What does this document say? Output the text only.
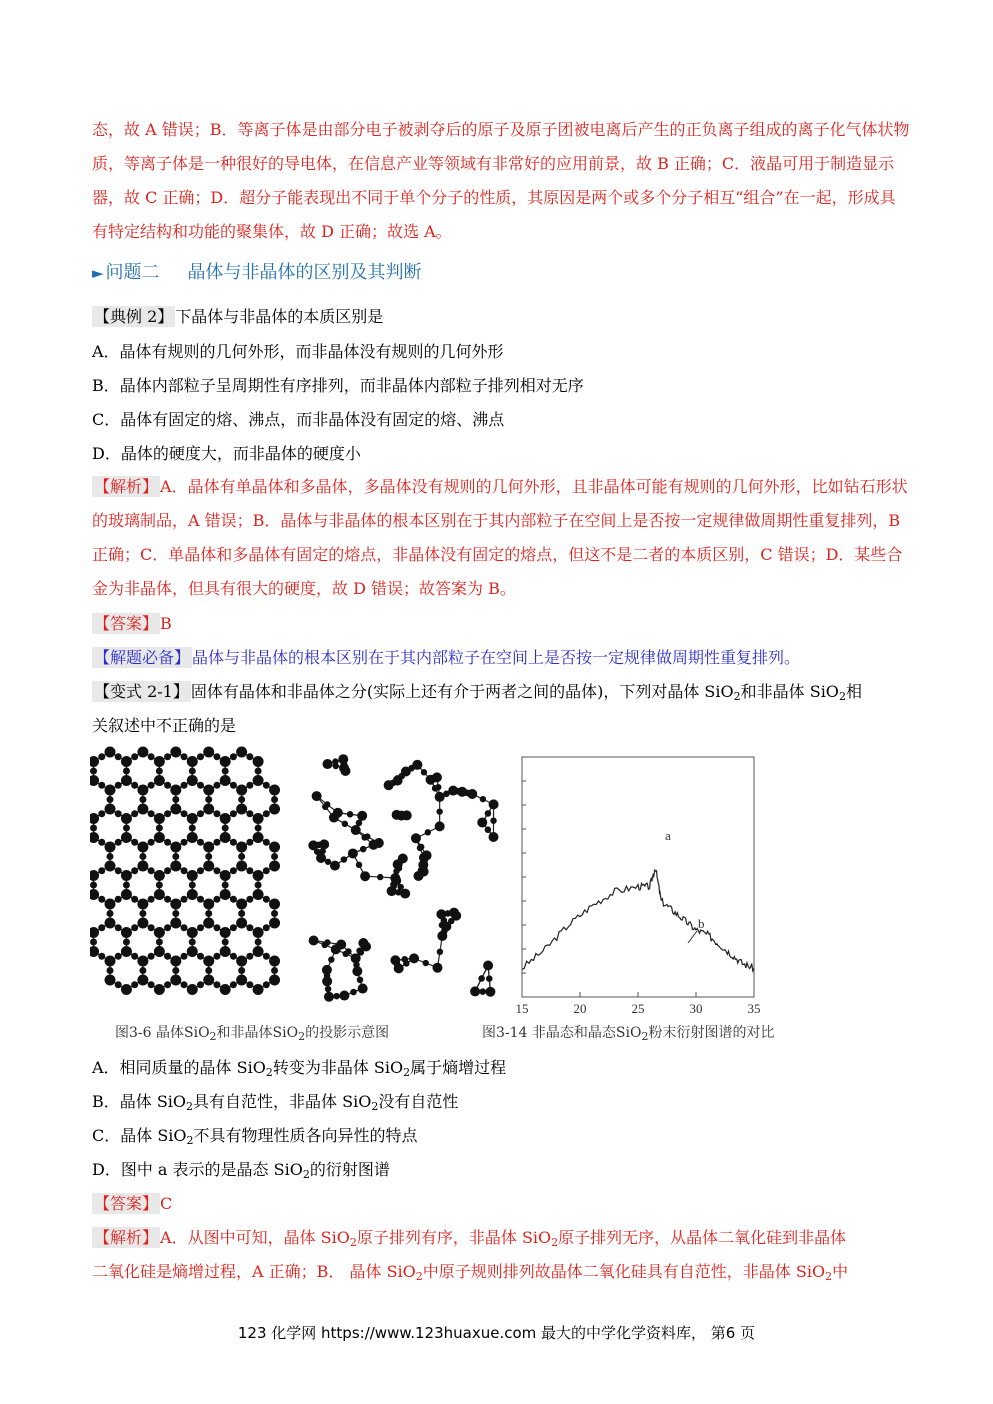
态，故 A 错误；B．等离子体是由部分电子被剥夺后的原子及原子团被电离后产生的正负离子组成的离子化气体状物质，等离子体是一种很好的导电体，在信息产业等领域有非常好的应用前景，故 B 正确；C．液晶可用于制造显示器，故 C 正确；D．超分子能表现出不同于单个分子的性质，其原因是两个或多个分子相互“组合”在一起，形成具有特定结构和功能的聚集体，故 D 正确；故选 A。

► 问题二 晶体与非晶体的区别及其判断
【典例 2】 下晶体与非晶体的本质区别是
A．晶体有规则的几何外形，而非晶体没有规则的几何外形
B．晶体内部粒子呈周期性有序排列，而非晶体内部粒子排列相对无序
C．晶体有固定的熔、沸点，而非晶体没有固定的熔、沸点
D．晶体的硬度大，而非晶体的硬度小

【解析】 A．晶体有单晶体和多晶体，多晶体没有规则的几何外形，且非晶体可能有规则的几何外形，比如钻石形状的玻璃制品，A 错误；B．晶体与非晶体的根本区别在于其内部粒子在空间上是否按一定规律做周期性重复排列，B 正确；C．单晶体和多晶体有固定的熔点，非晶体没有固定的熔点，但这不是二者的本质区别，C 错误；D．某些合金为非晶体，但具有很大的硬度，故 D 错误；故答案为 B。

【答案】 B
【解题必备】 晶体与非晶体的根本区别在于其内部粒子在空间上是否按一定规律做周期性重复排列。
【变式 2-1】 固体有晶体和非晶体之分(实际上还有介于两者之间的晶体)，下列对晶体 SiO$_2$和非晶体 SiO$_2$相
关叙述中不正确的是
15	20	25	30	35
a
b
图3-6 晶体SiO$_2$和非晶体SiO$_2$的投影示意图	图3-14 非晶态和晶态SiO$_2$粉末衍射图谱的对比
A．相同质量的晶体 SiO$_2$转变为非晶体 SiO$_2$属于熵增过程
B．晶体 SiO$_2$具有自范性，非晶体 SiO$_2$没有自范性
C．晶体 SiO$_2$不具有物理性质各向异性的特点
D．图中 a 表示的是晶态 SiO$_2$的衍射图谱
【答案】 C
【解析】 A．从图中可知，晶体 SiO$_2$原子排列有序，非晶体 SiO$_2$原子排列无序，从晶体二氧化硅到非晶体
二氧化硅是熵增过程，A 正确；B． 晶体 SiO$_2$中原子规则排列故晶体二氧化硅具有自范性，非晶体 SiO$_2$中
123 化学网 https://www.123huaxue.com 最大的中学化学资料库， 第6 页
